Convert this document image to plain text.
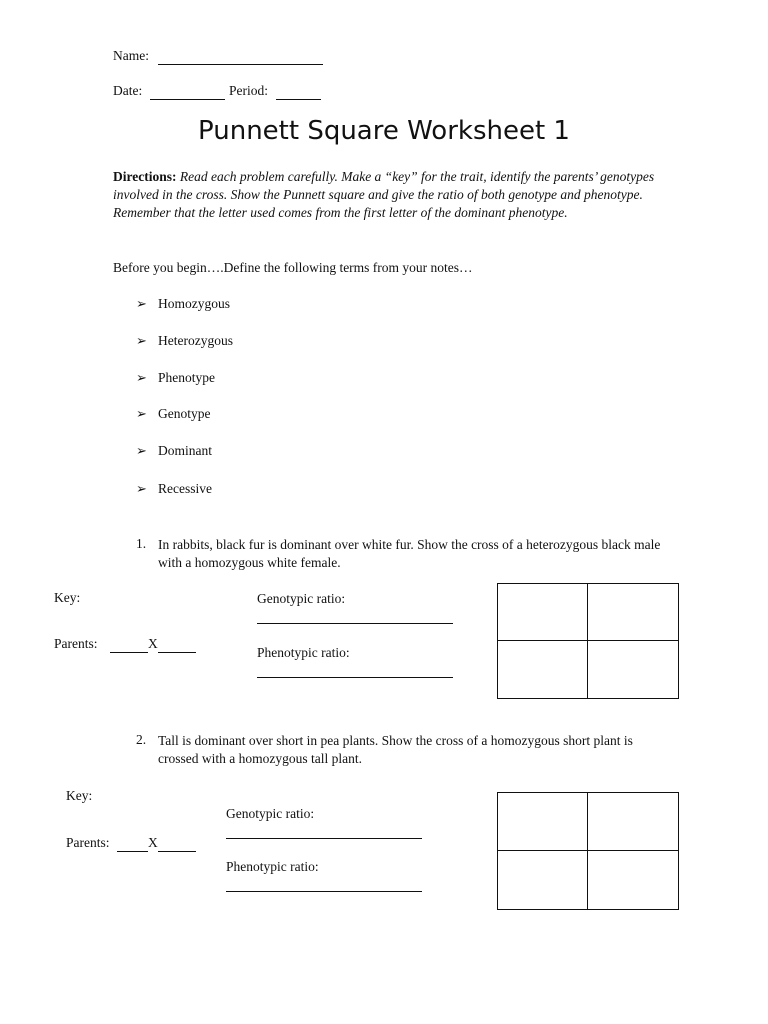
Name:
Date:	Period:
Punnett Square Worksheet 1
Directions: Read each problem carefully. Make a “key” for the trait, identify the parents’ genotypes involved in the cross. Show the Punnett square and give the ratio of both genotype and phenotype. Remember that the letter used comes from the first letter of the dominant phenotype.
Before you begin….Define the following terms from your notes…
➢ Homozygous
➢ Heterozygous
➢ Phenotype
➢ Genotype
➢ Dominant
➢ Recessive
1. In rabbits, black fur is dominant over white fur. Show the cross of a heterozygous black male with a homozygous white female.
Key:
Parents:	X
Genotypic ratio:
Phenotypic ratio:
2. Tall is dominant over short in pea plants. Show the cross of a homozygous short plant is crossed with a homozygous tall plant.
Key:
Parents:	X
Genotypic ratio:
Phenotypic ratio:
